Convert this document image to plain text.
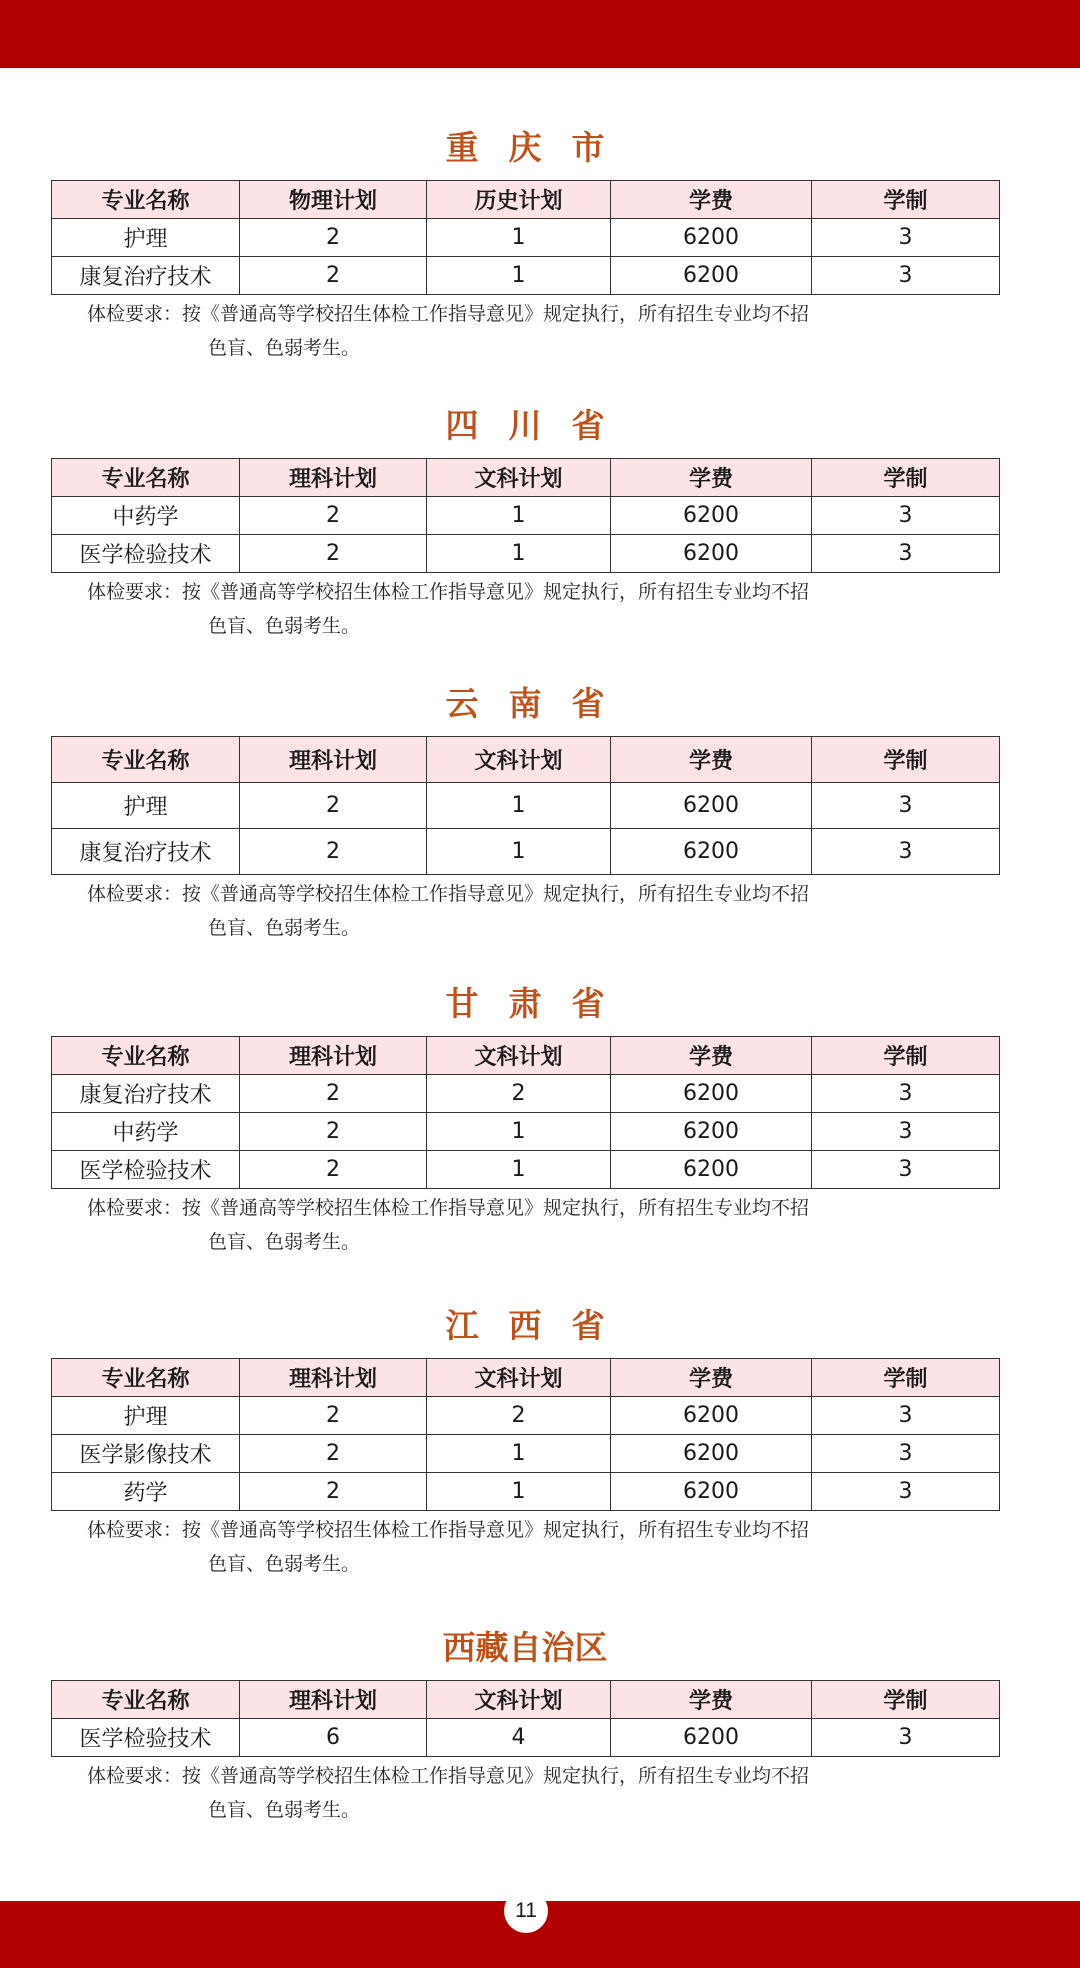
重庆市
专业名称	物理计划	历史计划	学费	学制
护理	2	1	6200	3
康复治疗技术	2	1	6200	3
体检要求：按《普通高等学校招生体检工作指导意见》规定执行，所有招生专业均不招
色盲、色弱考生。
四川省
专业名称	理科计划	文科计划	学费	学制
中药学	2	1	6200	3
医学检验技术	2	1	6200	3
体检要求：按《普通高等学校招生体检工作指导意见》规定执行，所有招生专业均不招
色盲、色弱考生。
云南省
专业名称	理科计划	文科计划	学费	学制
护理	2	1	6200	3
康复治疗技术	2	1	6200	3
体检要求：按《普通高等学校招生体检工作指导意见》规定执行，所有招生专业均不招
色盲、色弱考生。
甘肃省
专业名称	理科计划	文科计划	学费	学制
康复治疗技术	2	2	6200	3
中药学	2	1	6200	3
医学检验技术	2	1	6200	3
体检要求：按《普通高等学校招生体检工作指导意见》规定执行，所有招生专业均不招
色盲、色弱考生。
江西省
专业名称	理科计划	文科计划	学费	学制
护理	2	2	6200	3
医学影像技术	2	1	6200	3
药学	2	1	6200	3
体检要求：按《普通高等学校招生体检工作指导意见》规定执行，所有招生专业均不招
色盲、色弱考生。
西藏自治区
专业名称	理科计划	文科计划	学费	学制
医学检验技术	6	4	6200	3
体检要求：按《普通高等学校招生体检工作指导意见》规定执行，所有招生专业均不招
色盲、色弱考生。
11
